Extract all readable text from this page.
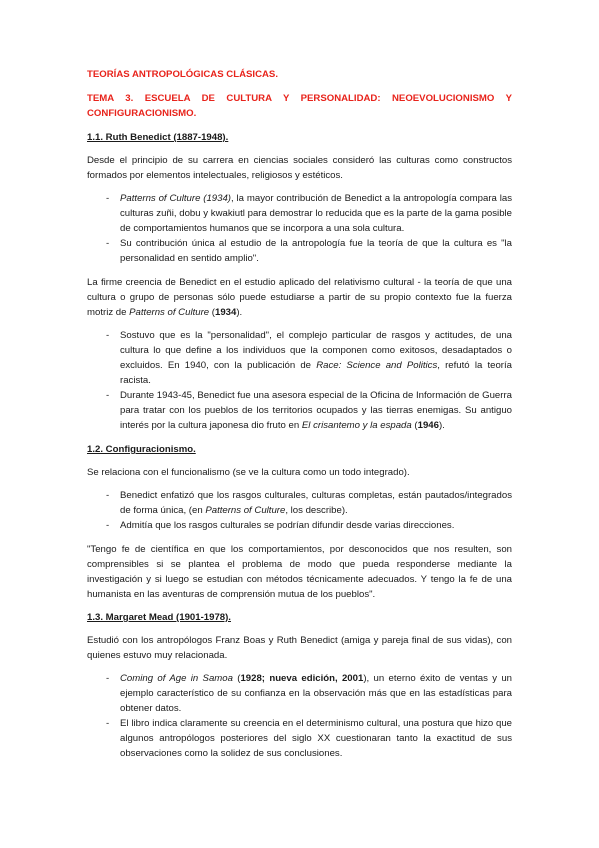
TEORÍAS ANTROPOLÓGICAS CLÁSICAS.
TEMA 3. ESCUELA DE CULTURA Y PERSONALIDAD: NEOEVOLUCIONISMO Y CONFIGURACIONISMO.
1.1. Ruth Benedict (1887-1948).

Desde el principio de su carrera en ciencias sociales consideró las culturas como constructos formados por elementos intelectuales, religiosos y estéticos.

- Patterns of Culture (1934), la mayor contribución de Benedict a la antropología compara las culturas zuñi, dobu y kwakiutl para demostrar lo reducida que es la parte de la gama posible de comportamientos humanos que se incorpora a una sola cultura.
- Su contribución única al estudio de la antropología fue la teoría de que la cultura es "la personalidad en sentido amplio".

La firme creencia de Benedict en el estudio aplicado del relativismo cultural - la teoría de que una cultura o grupo de personas sólo puede estudiarse a partir de su propio contexto fue la fuerza motriz de Patterns of Culture (1934).

- Sostuvo que es la "personalidad", el complejo particular de rasgos y actitudes, de una cultura lo que define a los individuos que la componen como exitosos, desadaptados o excluidos. En 1940, con la publicación de Race: Science and Politics, refutó la teoría racista.
- Durante 1943-45, Benedict fue una asesora especial de la Oficina de Información de Guerra para tratar con los pueblos de los territorios ocupados y las tierras enemigas. Su antiguo interés por la cultura japonesa dio fruto en El crisantemo y la espada (1946).
1.2. Configuracionismo.

Se relaciona con el funcionalismo (se ve la cultura como un todo integrado).

- Benedict enfatizó que los rasgos culturales, culturas completas, están pautados/integrados de forma única, (en Patterns of Culture, los describe).
- Admitía que los rasgos culturales se podrían difundir desde varias direcciones.

"Tengo fe de científica en que los comportamientos, por desconocidos que nos resulten, son comprensibles si se plantea el problema de modo que pueda responderse mediante la investigación y si luego se estudian con métodos técnicamente adecuados. Y tengo la fe de una humanista en las aventuras de comprensión mutua de los pueblos".

1.3. Margaret Mead (1901-1978).

Estudió con los antropólogos Franz Boas y Ruth Benedict (amiga y pareja final de sus vidas), con quienes estuvo muy relacionada.

- Coming of Age in Samoa (1928; nueva edición, 2001), un eterno éxito de ventas y un ejemplo característico de su confianza en la observación más que en las estadísticas para obtener datos.
- El libro indica claramente su creencia en el determinismo cultural, una postura que hizo que algunos antropólogos posteriores del siglo XX cuestionaran tanto la exactitud de sus observaciones como la solidez de sus conclusiones.
